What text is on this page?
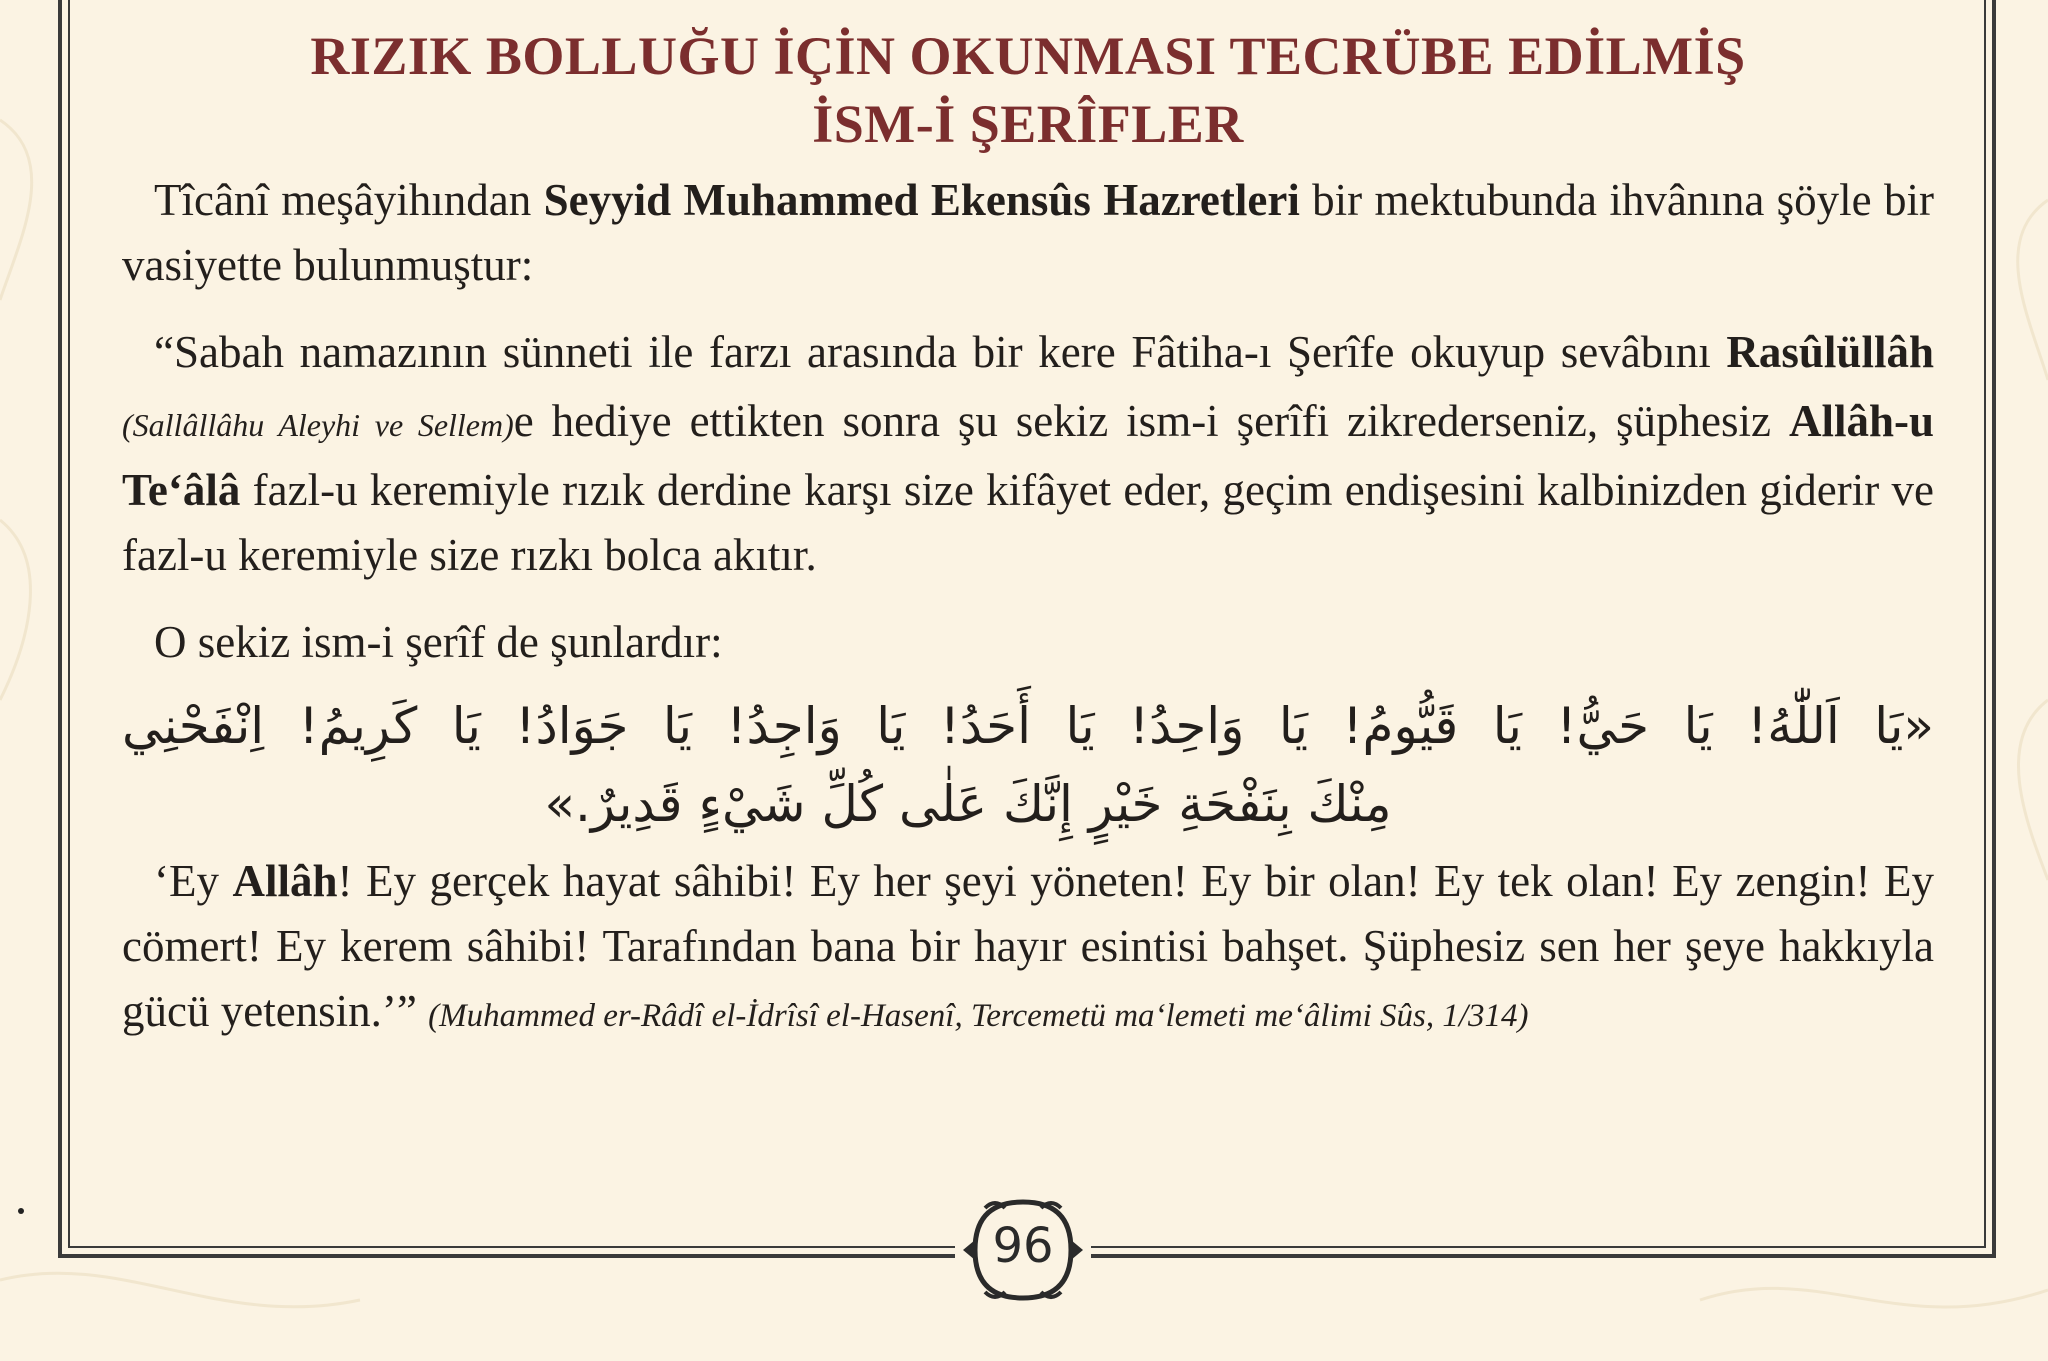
RIZIK BOLLUĞU İÇİN OKUNMASI TECRÜBE EDİLMİŞ
İSM-İ ŞERÎFLER

Tîcânî meşâyihından Seyyid Muhammed Ekensûs Hazretleri bir mektubunda ihvânına şöyle bir vasiyette bulunmuştur:

“Sabah namazının sünneti ile farzı arasında bir kere Fâtiha-ı Şerîfe okuyup sevâbını Rasûlüllâh (Sallâllâhu Aleyhi ve Sellem)e hediye ettikten sonra şu sekiz ism-i şerîfi zikrederseniz, şüphesiz Allâh-u Te‘âlâ fazl-u keremiyle rızık derdine karşı size kifâyet eder, geçim endişesini kalbinizden giderir ve fazl-u keremiyle size rızkı bolca akıtır.

O sekiz ism-i şerîf de şunlardır:

«يَا اَللّٰهُ! يَا حَيُّ! يَا قَيُّومُ! يَا وَاحِدُ! يَا أَحَدُ! يَا وَاجِدُ! يَا جَوَادُ! يَا كَرِيمُ! اِنْفَحْنِي
مِنْكَ بِنَفْحَةِ خَيْرٍ إِنَّكَ عَلٰى كُلِّ شَيْءٍ قَدِيرٌ.»

‘Ey Allâh! Ey gerçek hayat sâhibi! Ey her şeyi yöneten! Ey bir olan! Ey tek olan! Ey zengin! Ey cömert! Ey kerem sâhibi! Tarafından bana bir hayır esintisi bahşet. Şüphesiz sen her şeye hakkıyla gücü yetensin.’” (Muhammed er-Râdî el-İdrîsî el-Hasenî, Tercemetü ma‘lemeti me‘âlimi Sûs, 1/314)

96
